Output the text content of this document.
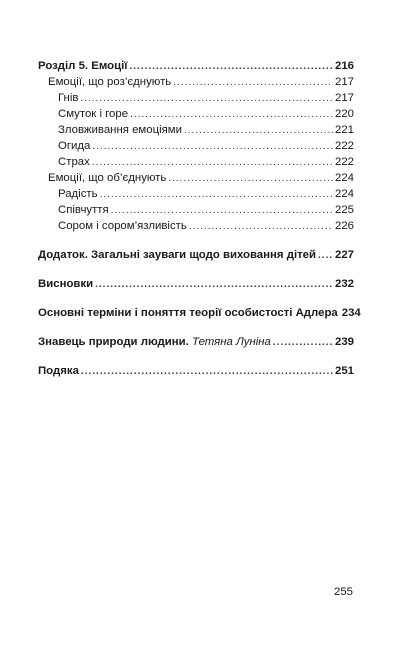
Розділ 5. Емоції .....	216
Емоції, що роз’єднують .....	217
Гнів .....	217
Смуток і горе .....	220
Зловживання емоціями .....	221
Огида .....	222
Страх .....	222
Емоції, що об’єднують .....	224
Радість .....	224
Співчуття .....	225
Сором і сором’язливість .....	226
Додаток. Загальні зауваги щодо виховання дітей ..... 227
Висновки .....	232
Основні терміни і поняття теорії особистості Адлера 234
Знавець природи людини. Тетяна Луніна .....	239
Подяка .....	251
255
